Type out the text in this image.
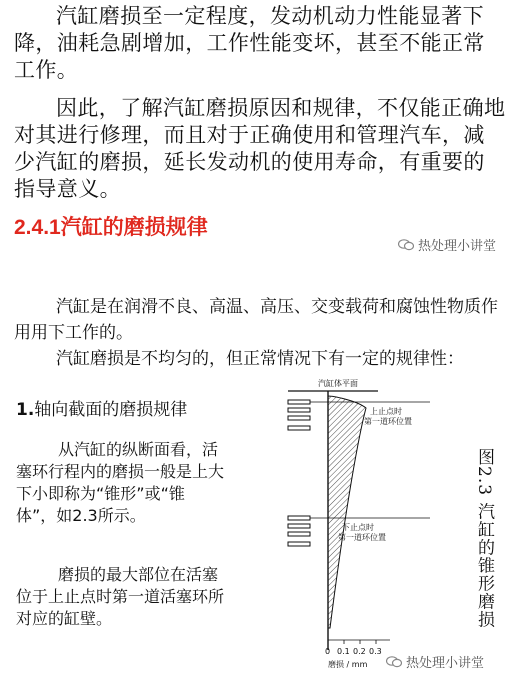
汽缸磨损至一定程度，发动机动力性能显著下降，油耗急剧增加，工作性能变坏，甚至不能正常工作。

因此，了解汽缸磨损原因和规律，不仅能正确地对其进行修理，而且对于正确使用和管理汽车，减少汽缸的磨损，延长发动机的使用寿命，有重要的指导意义。

2.4.1汽缸的磨损规律
热处理小讲堂

汽缸是在润滑不良、高温、高压、交变载荷和腐蚀性物质作用用下工作的。

汽缸磨损是不均匀的，但正常情况下有一定的规律性：

1.轴向截面的磨损规律

从汽缸的纵断面看，活塞环行程内的磨损一般是上大下小即称为“锥形”或“锥体”，如2.3所示。

磨损的最大部位在活塞位于上止点时第一道活塞环所对应的缸壁。

汽缸体平面
上止点时
第一道环位置
下止点时
第一道环位置
0 0.1 0.2 0.3
磨损 / mm
图2.3 汽缸的锥形磨损
热处理小讲堂
